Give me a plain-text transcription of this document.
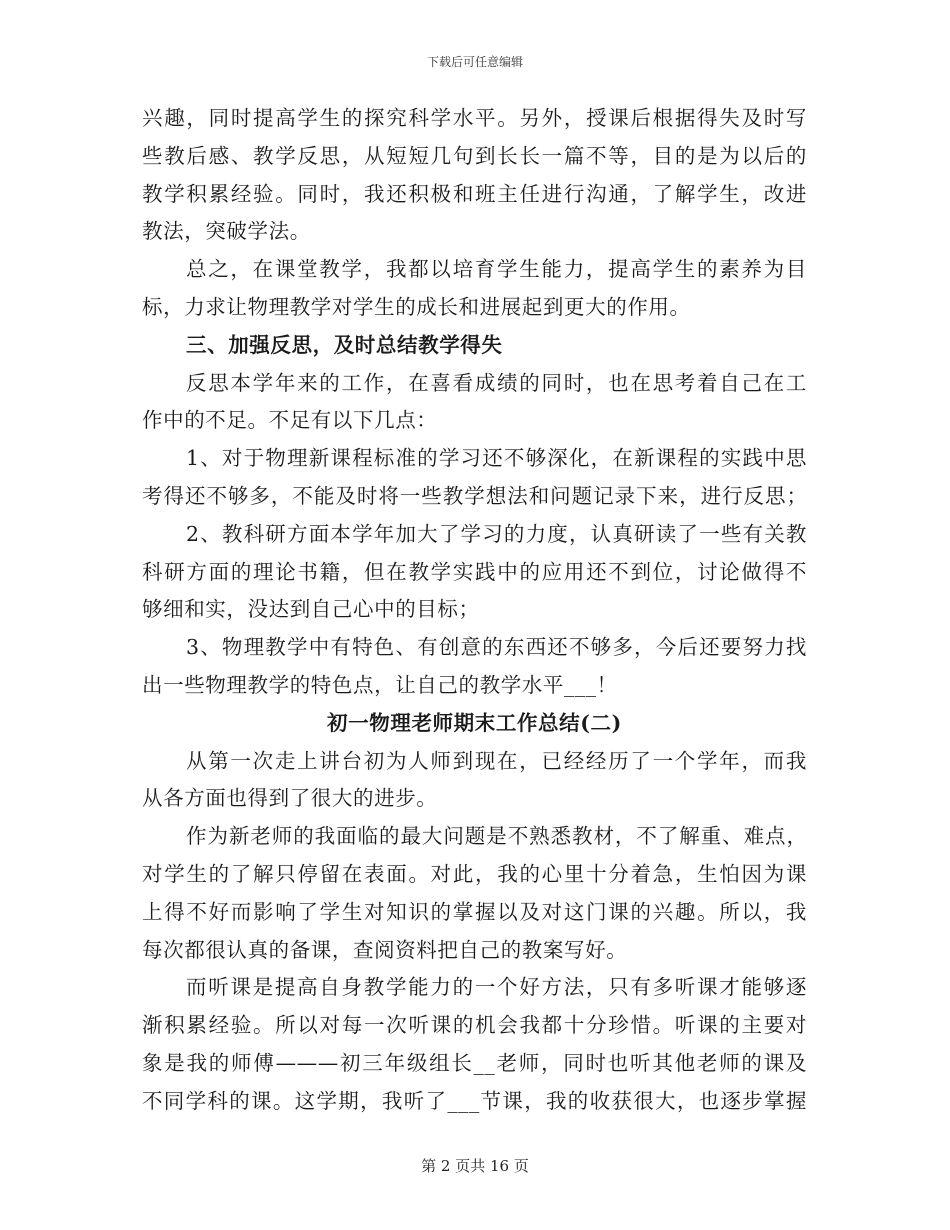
下载后可任意编辑
兴趣，同时提高学生的探究科学水平。另外，授课后根据得失及时写
些教后感、教学反思，从短短几句到长长一篇不等，目的是为以后的
教学积累经验。同时，我还积极和班主任进行沟通，了解学生，改进
教法，突破学法。
总之，在课堂教学，我都以培育学生能力，提高学生的素养为目
标，力求让物理教学对学生的成长和进展起到更大的作用。
三、加强反思，及时总结教学得失
反思本学年来的工作，在喜看成绩的同时，也在思考着自己在工
作中的不足。不足有以下几点：
1、对于物理新课程标准的学习还不够深化，在新课程的实践中思
考得还不够多，不能及时将一些教学想法和问题记录下来，进行反思；
2、教科研方面本学年加大了学习的力度，认真研读了一些有关教
科研方面的理论书籍，但在教学实践中的应用还不到位，讨论做得不
够细和实，没达到自己心中的目标；
3、物理教学中有特色、有创意的东西还不够多，今后还要努力找
出一些物理教学的特色点，让自己的教学水平___！
初一物理老师期末工作总结(二)
从第一次走上讲台初为人师到现在，已经经历了一个学年，而我
从各方面也得到了很大的进步。
作为新老师的我面临的最大问题是不熟悉教材，不了解重、难点，
对学生的了解只停留在表面。对此，我的心里十分着急，生怕因为课
上得不好而影响了学生对知识的掌握以及对这门课的兴趣。所以，我
每次都很认真的备课，查阅资料把自己的教案写好。
而听课是提高自身教学能力的一个好方法，只有多听课才能够逐
渐积累经验。所以对每一次听课的机会我都十分珍惜。听课的主要对
象是我的师傅———初三年级组长__老师，同时也听其他老师的课及
不同学科的课。这学期，我听了___节课，我的收获很大，也逐步掌握
第 2 页共 16 页
